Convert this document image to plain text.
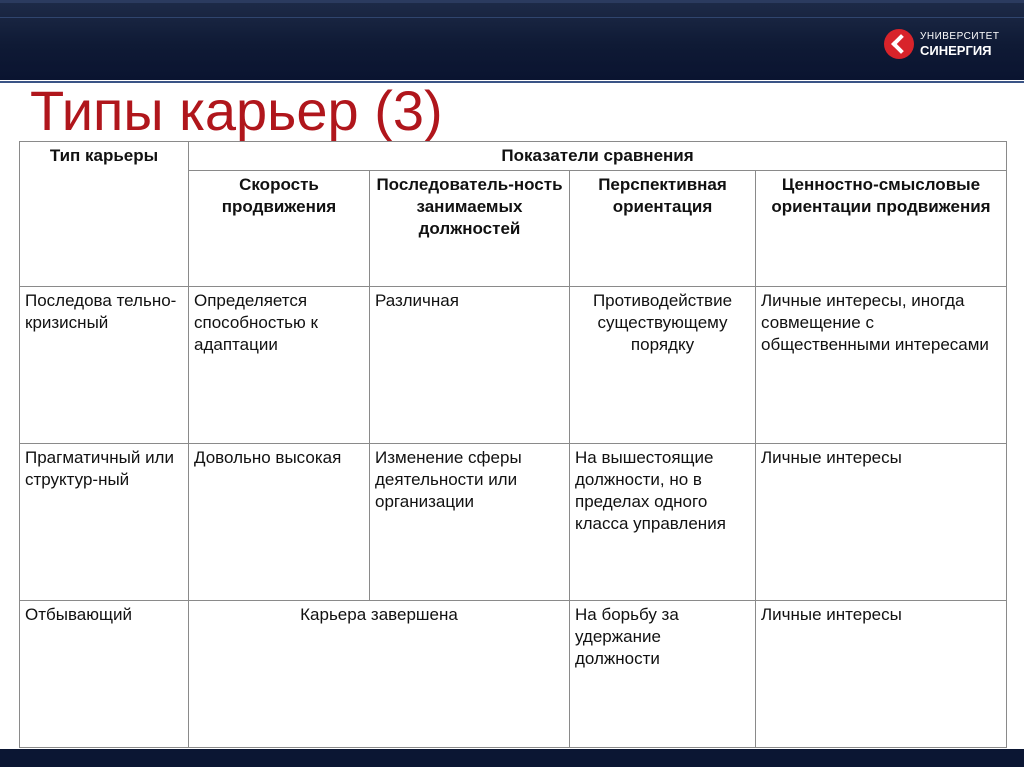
УНИВЕРСИТЕТ
СИНЕРГИЯ
Типы карьер (3)
Тип карьеры	Показатели сравнения			
	Скорость продвижения	Последователь-ность занимаемых должностей	Перспективная ориентация	Ценностно-смысловые ориентации продвижения
Последова тельно-кризисный	Определяется способностью к адаптации	Различная	Противодействие существующему порядку	Личные интересы, иногда совмещение с общественными интересами
Прагматичный или структур-ный	Довольно высокая	Изменение сферы деятельности или организации	На вышестоящие должности, но в пределах одного класса управления	Личные интересы
Отбывающий	Карьера завершена		На борьбу за удержание должности	Личные интересы
